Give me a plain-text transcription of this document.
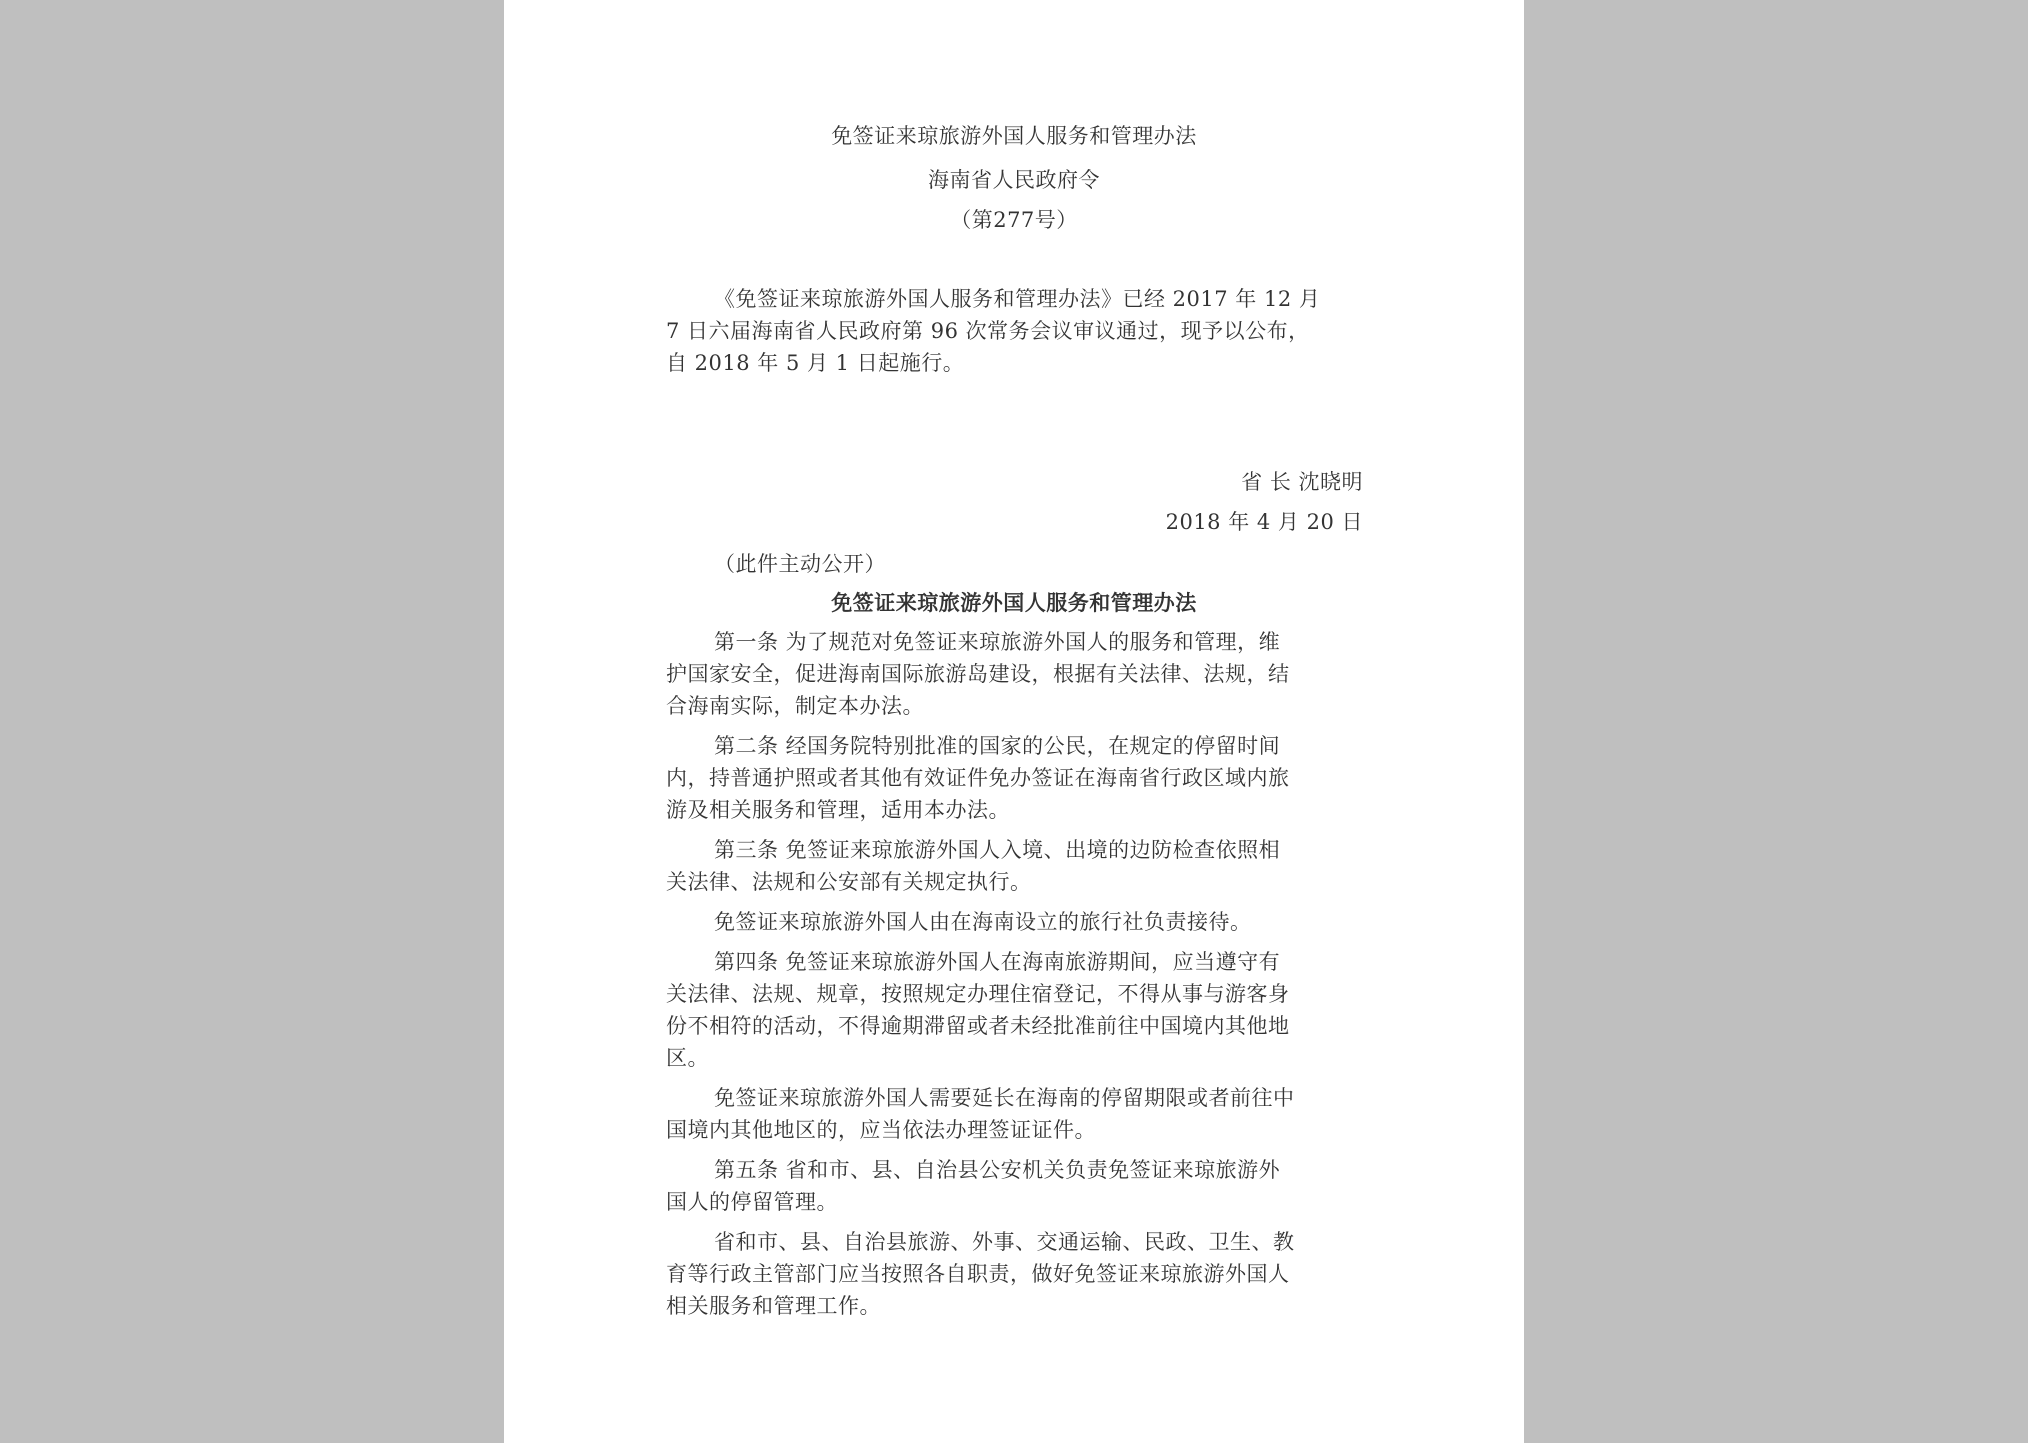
免签证来琼旅游外国人服务和管理办法
海南省人民政府令
（第277号）
《免签证来琼旅游外国人服务和管理办法》已经 2017 年 12 月
7 日六届海南省人民政府第 96 次常务会议审议通过，现予以公布，
自 2018 年 5 月 1 日起施行。
省 长 沈晓明
2018 年 4 月 20 日
（此件主动公开）
免签证来琼旅游外国人服务和管理办法
第一条 为了规范对免签证来琼旅游外国人的服务和管理，维
护国家安全，促进海南国际旅游岛建设，根据有关法律、法规，结
合海南实际，制定本办法。
第二条 经国务院特别批准的国家的公民，在规定的停留时间
内，持普通护照或者其他有效证件免办签证在海南省行政区域内旅
游及相关服务和管理，适用本办法。
第三条 免签证来琼旅游外国人入境、出境的边防检查依照相
关法律、法规和公安部有关规定执行。
免签证来琼旅游外国人由在海南设立的旅行社负责接待。
第四条 免签证来琼旅游外国人在海南旅游期间，应当遵守有
关法律、法规、规章，按照规定办理住宿登记，不得从事与游客身
份不相符的活动，不得逾期滞留或者未经批准前往中国境内其他地
区。
免签证来琼旅游外国人需要延长在海南的停留期限或者前往中
国境内其他地区的，应当依法办理签证证件。
第五条 省和市、县、自治县公安机关负责免签证来琼旅游外
国人的停留管理。
省和市、县、自治县旅游、外事、交通运输、民政、卫生、教
育等行政主管部门应当按照各自职责，做好免签证来琼旅游外国人
相关服务和管理工作。
